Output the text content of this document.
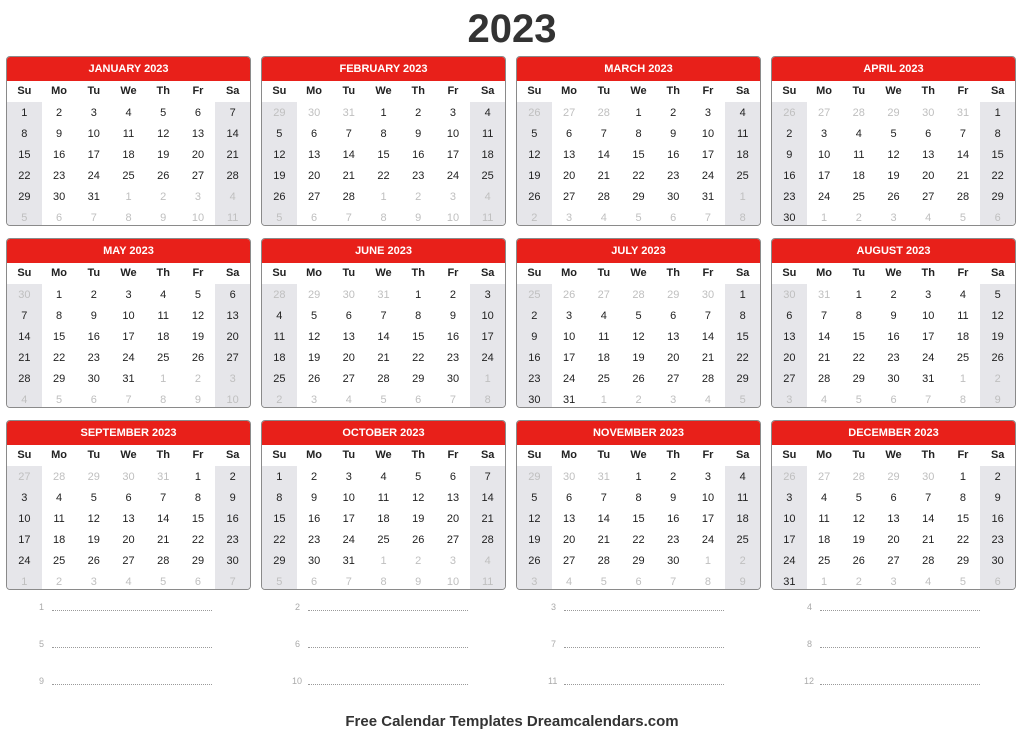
2023
JANUARY 2023
Su	Mo	Tu	We	Th	Fr	Sa
1	2	3	4	5	6	7
8	9	10	11	12	13	14
15	16	17	18	19	20	21
22	23	24	25	26	27	28
29	30	31	1	2	3	4
5	6	7	8	9	10	11
FEBRUARY 2023
Su	Mo	Tu	We	Th	Fr	Sa
29	30	31	1	2	3	4
5	6	7	8	9	10	11
12	13	14	15	16	17	18
19	20	21	22	23	24	25
26	27	28	1	2	3	4
5	6	7	8	9	10	11
MARCH 2023
Su	Mo	Tu	We	Th	Fr	Sa
26	27	28	1	2	3	4
5	6	7	8	9	10	11
12	13	14	15	16	17	18
19	20	21	22	23	24	25
26	27	28	29	30	31	1
2	3	4	5	6	7	8
APRIL 2023
Su	Mo	Tu	We	Th	Fr	Sa
26	27	28	29	30	31	1
2	3	4	5	6	7	8
9	10	11	12	13	14	15
16	17	18	19	20	21	22
23	24	25	26	27	28	29
30	1	2	3	4	5	6
MAY 2023
Su	Mo	Tu	We	Th	Fr	Sa
30	1	2	3	4	5	6
7	8	9	10	11	12	13
14	15	16	17	18	19	20
21	22	23	24	25	26	27
28	29	30	31	1	2	3
4	5	6	7	8	9	10
JUNE 2023
Su	Mo	Tu	We	Th	Fr	Sa
28	29	30	31	1	2	3
4	5	6	7	8	9	10
11	12	13	14	15	16	17
18	19	20	21	22	23	24
25	26	27	28	29	30	1
2	3	4	5	6	7	8
JULY 2023
Su	Mo	Tu	We	Th	Fr	Sa
25	26	27	28	29	30	1
2	3	4	5	6	7	8
9	10	11	12	13	14	15
16	17	18	19	20	21	22
23	24	25	26	27	28	29
30	31	1	2	3	4	5
AUGUST 2023
Su	Mo	Tu	We	Th	Fr	Sa
30	31	1	2	3	4	5
6	7	8	9	10	11	12
13	14	15	16	17	18	19
20	21	22	23	24	25	26
27	28	29	30	31	1	2
3	4	5	6	7	8	9
SEPTEMBER 2023
Su	Mo	Tu	We	Th	Fr	Sa
27	28	29	30	31	1	2
3	4	5	6	7	8	9
10	11	12	13	14	15	16
17	18	19	20	21	22	23
24	25	26	27	28	29	30
1	2	3	4	5	6	7
OCTOBER 2023
Su	Mo	Tu	We	Th	Fr	Sa
1	2	3	4	5	6	7
8	9	10	11	12	13	14
15	16	17	18	19	20	21
22	23	24	25	26	27	28
29	30	31	1	2	3	4
5	6	7	8	9	10	11
NOVEMBER 2023
Su	Mo	Tu	We	Th	Fr	Sa
29	30	31	1	2	3	4
5	6	7	8	9	10	11
12	13	14	15	16	17	18
19	20	21	22	23	24	25
26	27	28	29	30	1	2
3	4	5	6	7	8	9
DECEMBER 2023
Su	Mo	Tu	We	Th	Fr	Sa
26	27	28	29	30	1	2
3	4	5	6	7	8	9
10	11	12	13	14	15	16
17	18	19	20	21	22	23
24	25	26	27	28	29	30
31	1	2	3	4	5	6
1	2	3	4
5	6	7	8
9	10	11	12
Free Calendar Templates Dreamcalendars.com
